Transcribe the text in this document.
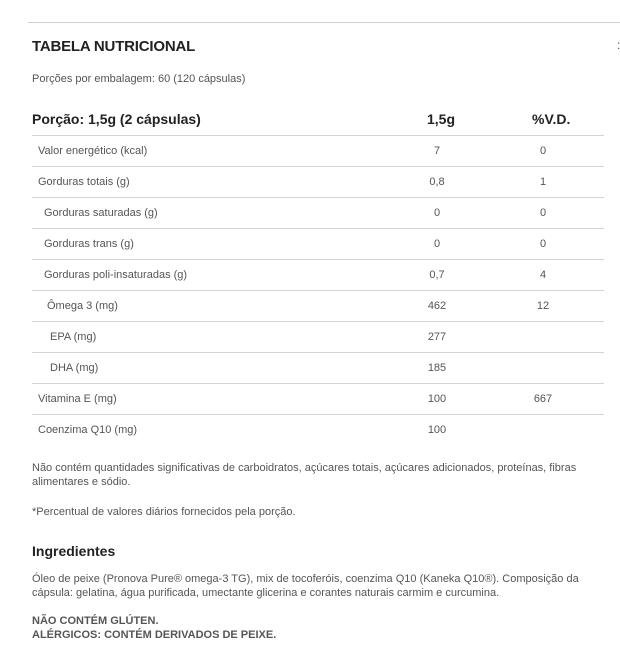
TABELA NUTRICIONAL
Porções por embalagem: 60 (120 cápsulas)
Porção: 1,5g (2 cápsulas)	1,5g	%V.D.
Valor energético (kcal)	7	0
Gorduras totais (g)	0,8	1
Gorduras saturadas (g)	0	0
Gorduras trans (g)	0	0
Gorduras poli-insaturadas (g)	0,7	4
Ômega 3 (mg)	462	12
EPA (mg)	277	
DHA (mg)	185	
Vitamina E (mg)	100	667
Coenzima Q10 (mg)	100	
Não contém quantidades significativas de carboidratos, açúcares totais, açúcares adicionados, proteínas, fibras alimentares e sódio.
*Percentual de valores diários fornecidos pela porção.
Ingredientes
Óleo de peixe (Pronova Pure® omega-3 TG), mix de tocoferóis, coenzima Q10 (Kaneka Q10®). Composição da cápsula: gelatina, água purificada, umectante glicerina e corantes naturais carmim e curcumina.
NÃO CONTÉM GLÚTEN.
ALÉRGICOS: CONTÉM DERIVADOS DE PEIXE.
